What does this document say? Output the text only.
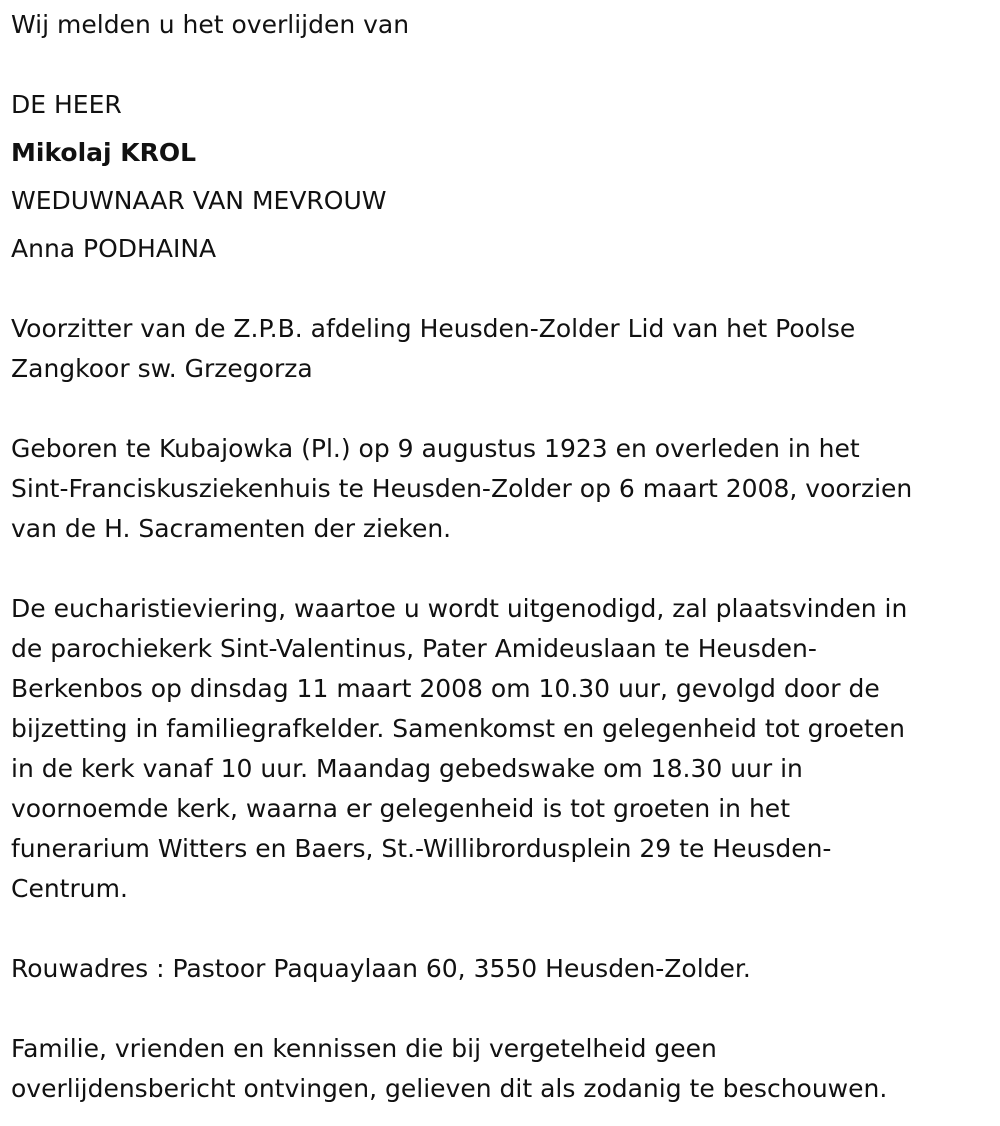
Wij melden u het overlijden van

DE HEER

Mikolaj KROL

WEDUWNAAR VAN MEVROUW

Anna PODHAINA

Voorzitter van de Z.P.B. afdeling Heusden-Zolder Lid van het Poolse

Zangkoor sw. Grzegorza

Geboren te Kubajowka (Pl.) op 9 augustus 1923 en overleden in het

Sint-Franciskusziekenhuis te Heusden-Zolder op 6 maart 2008, voorzien

van de H. Sacramenten der zieken.

De eucharistieviering, waartoe u wordt uitgenodigd, zal plaatsvinden in

de parochiekerk Sint-Valentinus, Pater Amideuslaan te Heusden-

Berkenbos op dinsdag 11 maart 2008 om 10.30 uur, gevolgd door de

bijzetting in familiegrafkelder. Samenkomst en gelegenheid tot groeten

in de kerk vanaf 10 uur. Maandag gebedswake om 18.30 uur in

voornoemde kerk, waarna er gelegenheid is tot groeten in het

funerarium Witters en Baers, St.-Willibrordusplein 29 te Heusden-

Centrum.

Rouwadres : Pastoor Paquaylaan 60, 3550 Heusden-Zolder.

Familie, vrienden en kennissen die bij vergetelheid geen

overlijdensbericht ontvingen, gelieven dit als zodanig te beschouwen.
